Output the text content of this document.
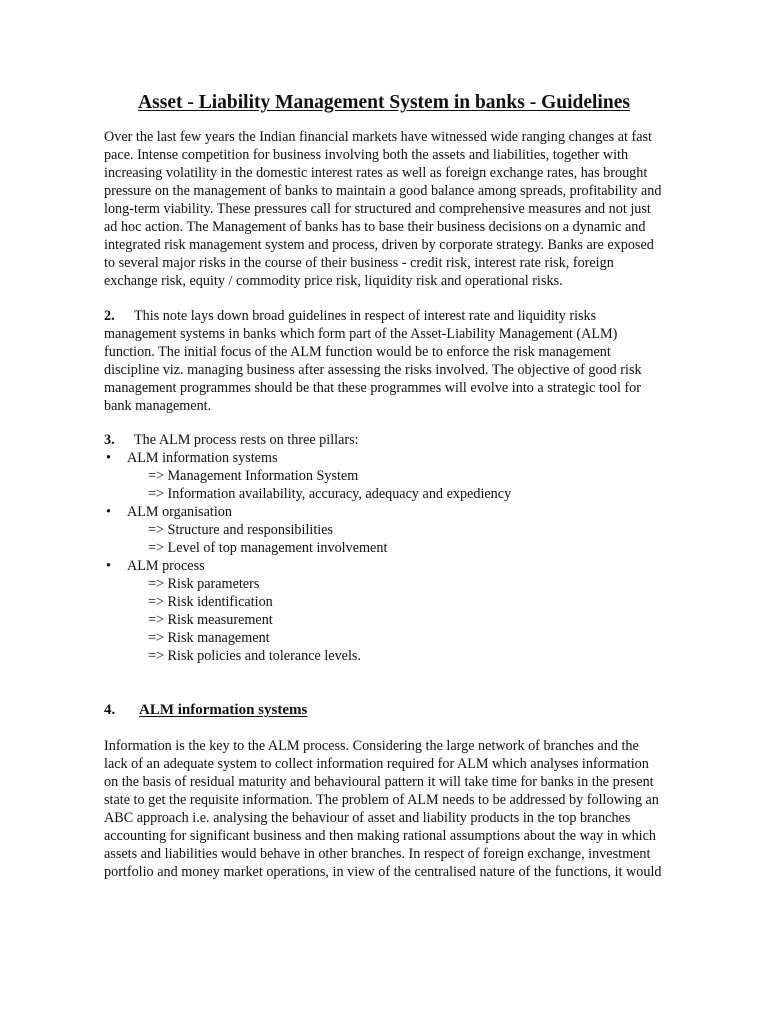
Asset - Liability Management System in banks - Guidelines

Over the last few years the Indian financial markets have witnessed wide ranging changes at fast
pace. Intense competition for business involving both the assets and liabilities, together with
increasing volatility in the domestic interest rates as well as foreign exchange rates, has brought
pressure on the management of banks to maintain a good balance among spreads, profitability and
long-term viability. These pressures call for structured and comprehensive measures and not just
ad hoc action. The Management of banks has to base their business decisions on a dynamic and
integrated risk management system and process, driven by corporate strategy. Banks are exposed
to several major risks in the course of their business - credit risk, interest rate risk, foreign
exchange risk, equity / commodity price risk, liquidity risk and operational risks.

2. This note lays down broad guidelines in respect of interest rate and liquidity risks
management systems in banks which form part of the Asset-Liability Management (ALM)
function. The initial focus of the ALM function would be to enforce the risk management
discipline viz. managing business after assessing the risks involved. The objective of good risk
management programmes should be that these programmes will evolve into a strategic tool for
bank management.

3. The ALM process rests on three pillars:
• ALM information systems
=> Management Information System
=> Information availability, accuracy, adequacy and expediency
• ALM organisation
=> Structure and responsibilities
=> Level of top management involvement
• ALM process
=> Risk parameters
=> Risk identification
=> Risk measurement
=> Risk management
=> Risk policies and tolerance levels.
4. ALM information systems

Information is the key to the ALM process. Considering the large network of branches and the
lack of an adequate system to collect information required for ALM which analyses information
on the basis of residual maturity and behavioural pattern it will take time for banks in the present
state to get the requisite information. The problem of ALM needs to be addressed by following an
ABC approach i.e. analysing the behaviour of asset and liability products in the top branches
accounting for significant business and then making rational assumptions about the way in which
assets and liabilities would behave in other branches. In respect of foreign exchange, investment
portfolio and money market operations, in view of the centralised nature of the functions, it would
